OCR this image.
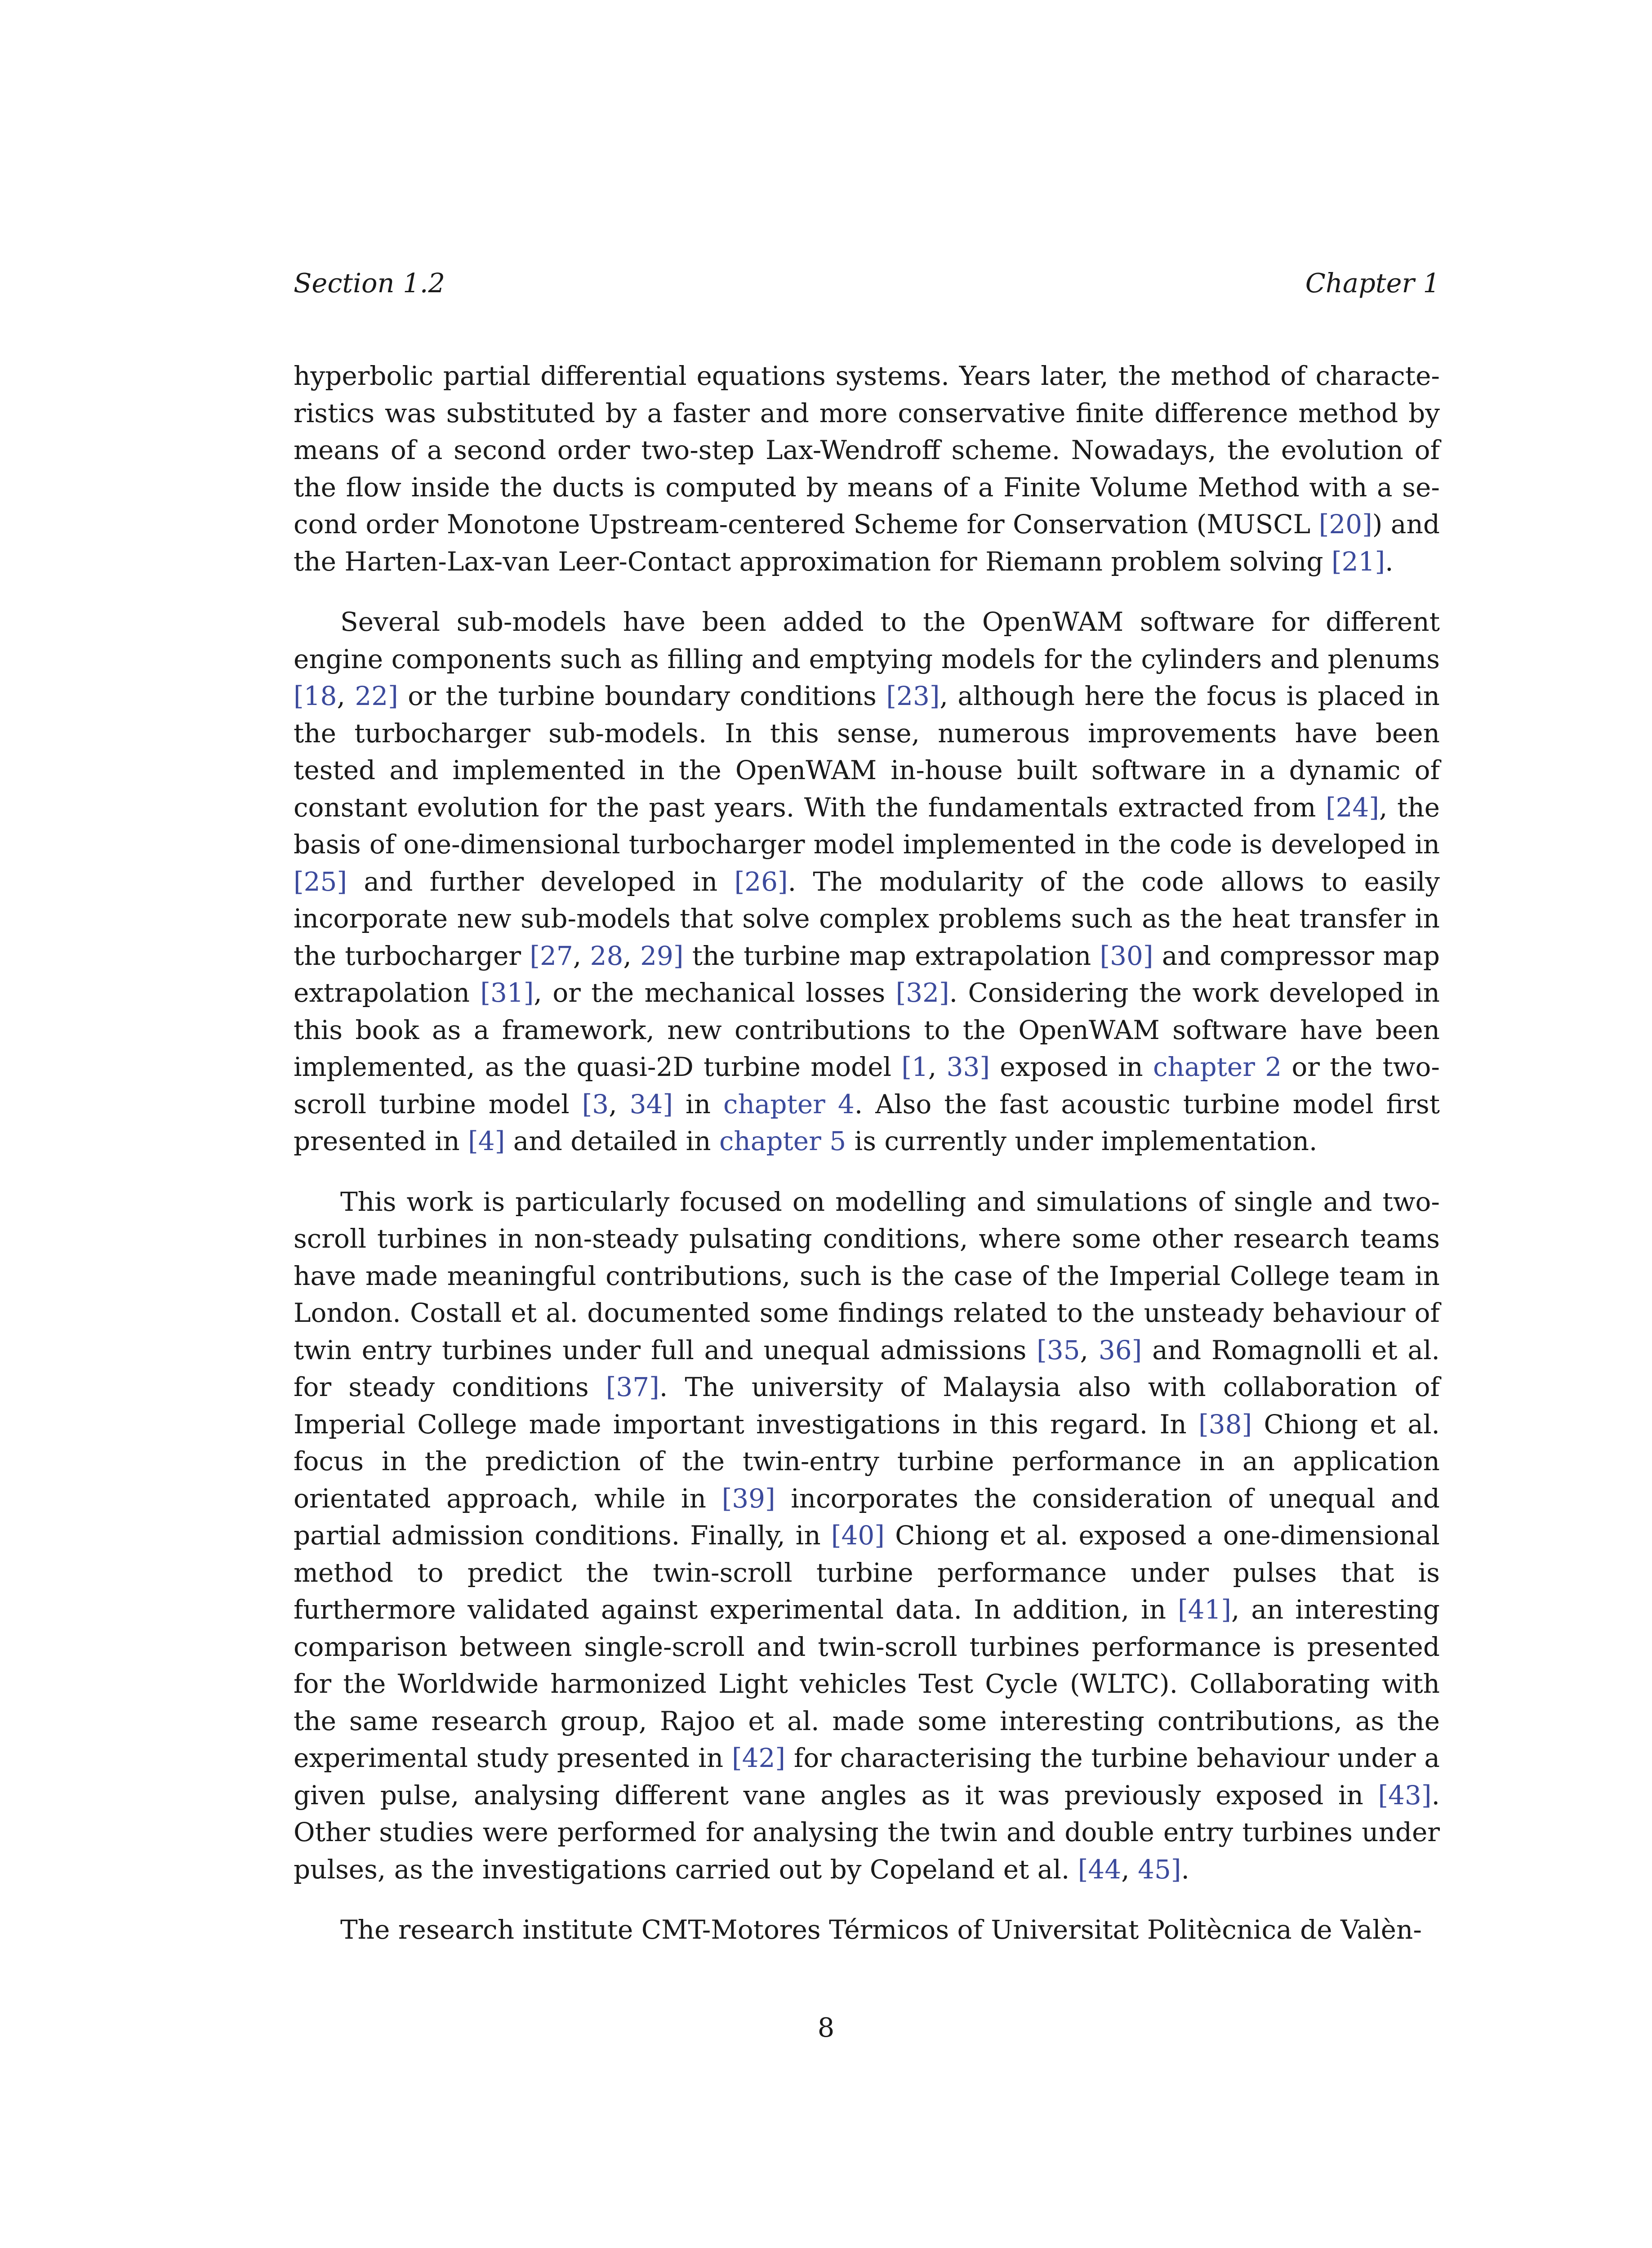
Section 1.2	Chapter 1

hyperbolic partial differential equations systems. Years later, the method of characteristics was substituted by a faster and more conservative finite difference method by means of a second order two-step Lax-Wendroff scheme. Nowadays, the evolution of the flow inside the ducts is computed by means of a Finite Volume Method with a second order Monotone Upstream-centered Scheme for Conservation (MUSCL [20]) and the Harten-Lax-van Leer-Contact approximation for Riemann problem solving [21].

Several sub-models have been added to the OpenWAM software for different engine components such as filling and emptying models for the cylinders and plenums [18, 22] or the turbine boundary conditions [23], although here the focus is placed in the turbocharger sub-models. In this sense, numerous improvements have been tested and implemented in the OpenWAM in-house built software in a dynamic of constant evolution for the past years. With the fundamentals extracted from [24], the basis of one-dimensional turbocharger model implemented in the code is developed in [25] and further developed in [26]. The modularity of the code allows to easily incorporate new sub-models that solve complex problems such as the heat transfer in the turbocharger [27, 28, 29] the turbine map extrapolation [30] and compressor map extrapolation [31], or the mechanical losses [32]. Considering the work developed in this book as a framework, new contributions to the OpenWAM software have been implemented, as the quasi-2D turbine model [1, 33] exposed in chapter 2 or the two-scroll turbine model [3, 34] in chapter 4. Also the fast acoustic turbine model first presented in [4] and detailed in chapter 5 is currently under implementation.

This work is particularly focused on modelling and simulations of single and two-scroll turbines in non-steady pulsating conditions, where some other research teams have made meaningful contributions, such is the case of the Imperial College team in London. Costall et al. documented some findings related to the unsteady behaviour of twin entry turbines under full and unequal admissions [35, 36] and Romagnolli et al. for steady conditions [37]. The university of Malaysia also with collaboration of Imperial College made important investigations in this regard. In [38] Chiong et al. focus in the prediction of the twin-entry turbine performance in an application orientated approach, while in [39] incorporates the consideration of unequal and partial admission conditions. Finally, in [40] Chiong et al. exposed a one-dimensional method to predict the twin-scroll turbine performance under pulses that is furthermore validated against experimental data. In addition, in [41], an interesting comparison between single-scroll and twin-scroll turbines performance is presented for the Worldwide harmonized Light vehicles Test Cycle (WLTC). Collaborating with the same research group, Rajoo et al. made some interesting contributions, as the experimental study presented in [42] for characterising the turbine behaviour under a given pulse, analysing different vane angles as it was previously exposed in [43]. Other studies were performed for analysing the twin and double entry turbines under pulses, as the investigations carried out by Copeland et al. [44, 45].

The research institute CMT-Motores Térmicos of Universitat Politècnica de Valèn-

8
